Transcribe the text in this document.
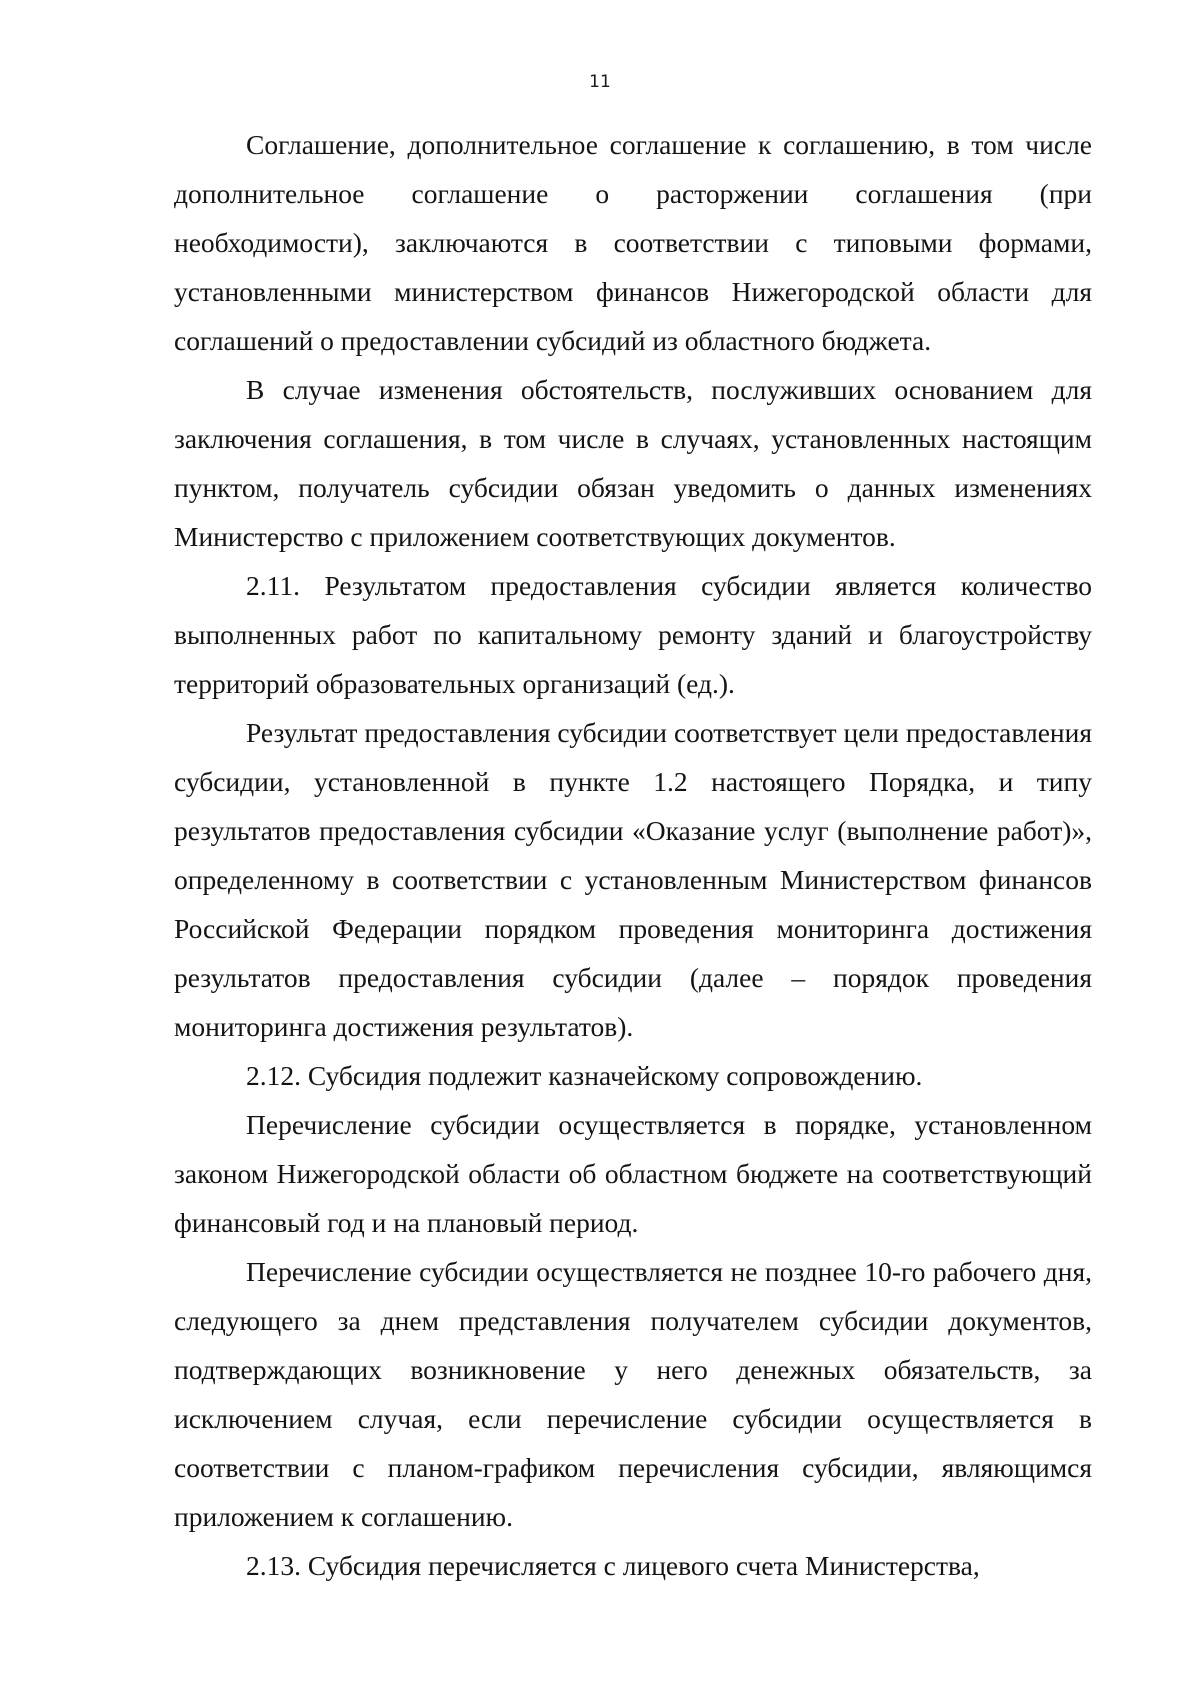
11

Соглашение, дополнительное соглашение к соглашению, в том числе дополнительное соглашение о расторжении соглашения (при необходимости), заключаются в соответствии с типовыми формами, установленными министерством финансов Нижегородской области для соглашений о предоставлении субсидий из областного бюджета.

В случае изменения обстоятельств, послуживших основанием для заключения соглашения, в том числе в случаях, установленных настоящим пунктом, получатель субсидии обязан уведомить о данных изменениях Министерство с приложением соответствующих документов.

2.11. Результатом предоставления субсидии является количество выполненных работ по капитальному ремонту зданий и благоустройству территорий образовательных организаций (ед.).

Результат предоставления субсидии соответствует цели предоставления субсидии, установленной в пункте 1.2 настоящего Порядка, и типу результатов предоставления субсидии «Оказание услуг (выполнение работ)», определенному в соответствии с установленным Министерством финансов Российской Федерации порядком проведения мониторинга достижения результатов предоставления субсидии (далее – порядок проведения мониторинга достижения результатов).

2.12. Субсидия подлежит казначейскому сопровождению.

Перечисление субсидии осуществляется в порядке, установленном законом Нижегородской области об областном бюджете на соответствующий финансовый год и на плановый период.

Перечисление субсидии осуществляется не позднее 10-го рабочего дня, следующего за днем представления получателем субсидии документов, подтверждающих возникновение у него денежных обязательств, за исключением случая, если перечисление субсидии осуществляется в соответствии с планом-графиком перечисления субсидии, являющимся приложением к соглашению.

2.13. Субсидия перечисляется с лицевого счета Министерства,
